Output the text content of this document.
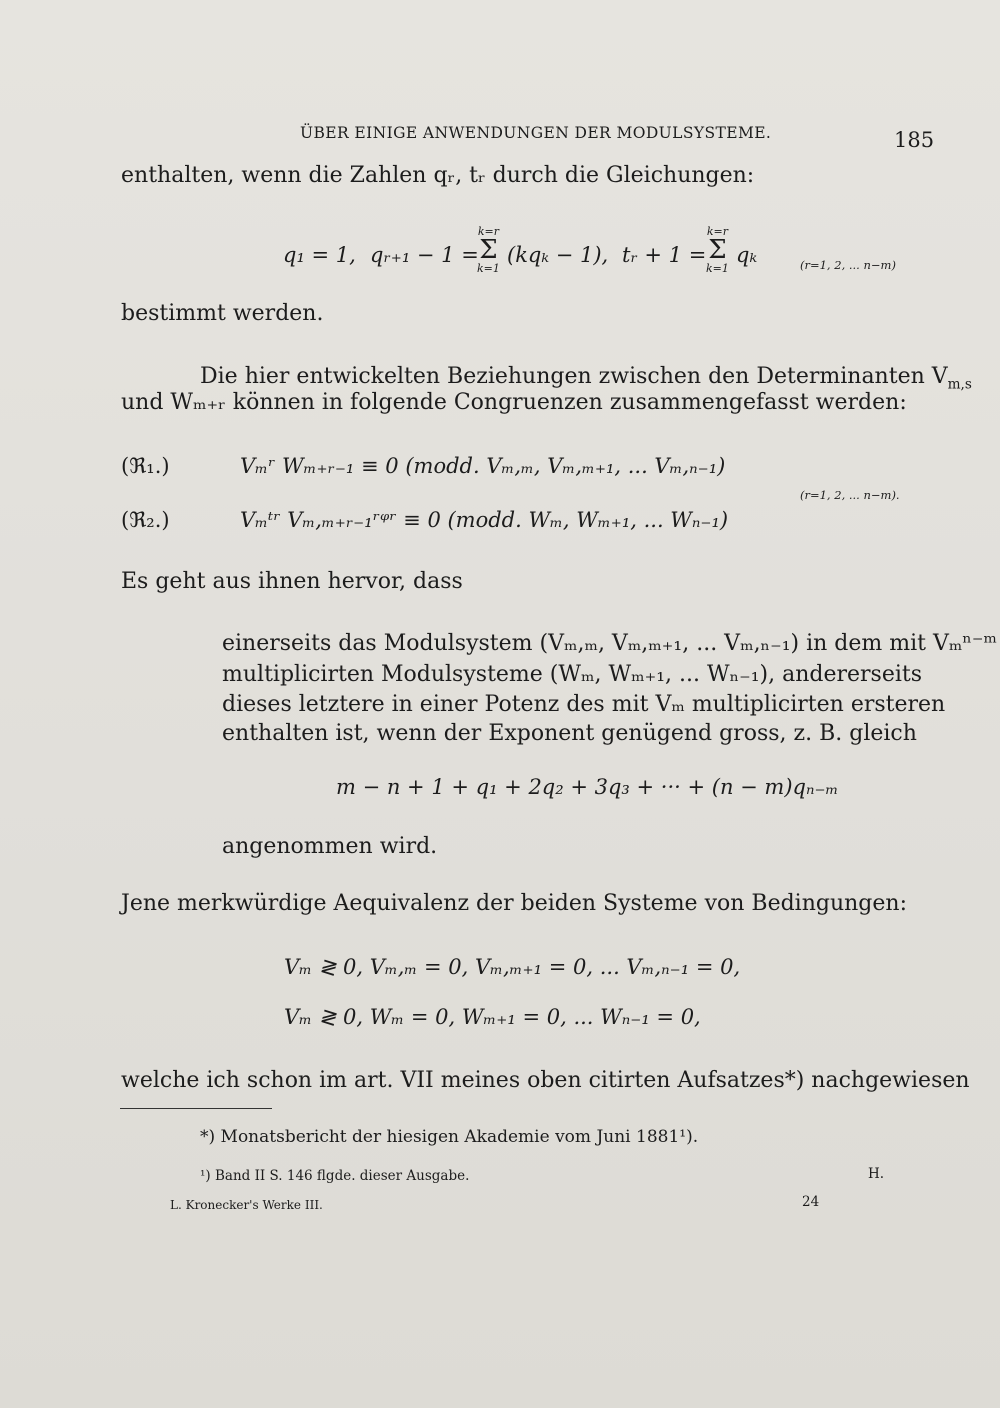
ÜBER EINIGE ANWENDUNGEN DER MODULSYSTEME.	185
enthalten, wenn die Zahlen qᵣ, tᵣ durch die Gleichungen:
q₁ = 1, qᵣ₊₁ − 1 =
k=r
Σ
k=1
(kqₖ − 1), tᵣ + 1 =
k=r
Σ
k=1
qₖ	(r=1, 2, ... n−m)
bestimmt werden.
Die hier entwickelten Beziehungen zwischen den Determinanten $V_{m,s}$
und Wₘ₊ᵣ können in folgende Congruenzen zusammengefasst werden:
(ℜ₁.)	Vₘʳ Wₘ₊ᵣ₋₁ ≡ 0 (modd. Vₘ,ₘ, Vₘ,ₘ₊₁, ... Vₘ,ₙ₋₁)
(r=1, 2, ... n−m).
(ℜ₂.)	Vₘᵗʳ Vₘ,ₘ₊ᵣ₋₁ʳᵠʳ ≡ 0 (modd. Wₘ, Wₘ₊₁, ... Wₙ₋₁)
Es geht aus ihnen hervor, dass
einerseits das Modulsystem (Vₘ,ₘ, Vₘ,ₘ₊₁, ... Vₘ,ₙ₋₁) in dem mit Vₘⁿ⁻ᵐ
multiplicirten Modulsysteme (Wₘ, Wₘ₊₁, ... Wₙ₋₁), andererseits
dieses letztere in einer Potenz des mit Vₘ multiplicirten ersteren
enthalten ist, wenn der Exponent genügend gross, z. B. gleich
m − n + 1 + q₁ + 2q₂ + 3q₃ + ··· + (n − m)qₙ₋ₘ
angenommen wird.
Jene merkwürdige Aequivalenz der beiden Systeme von Bedingungen:
Vₘ ≷ 0, Vₘ,ₘ = 0, Vₘ,ₘ₊₁ = 0, ... Vₘ,ₙ₋₁ = 0,
Vₘ ≷ 0, Wₘ = 0, Wₘ₊₁ = 0, ... Wₙ₋₁ = 0,
welche ich schon im art. VII meines oben citirten Aufsatzes*) nachgewiesen
*) Monatsbericht der hiesigen Akademie vom Juni 1881¹).
¹) Band II S. 146 flgde. dieser Ausgabe.	H.
L. Kronecker's Werke III.	24
